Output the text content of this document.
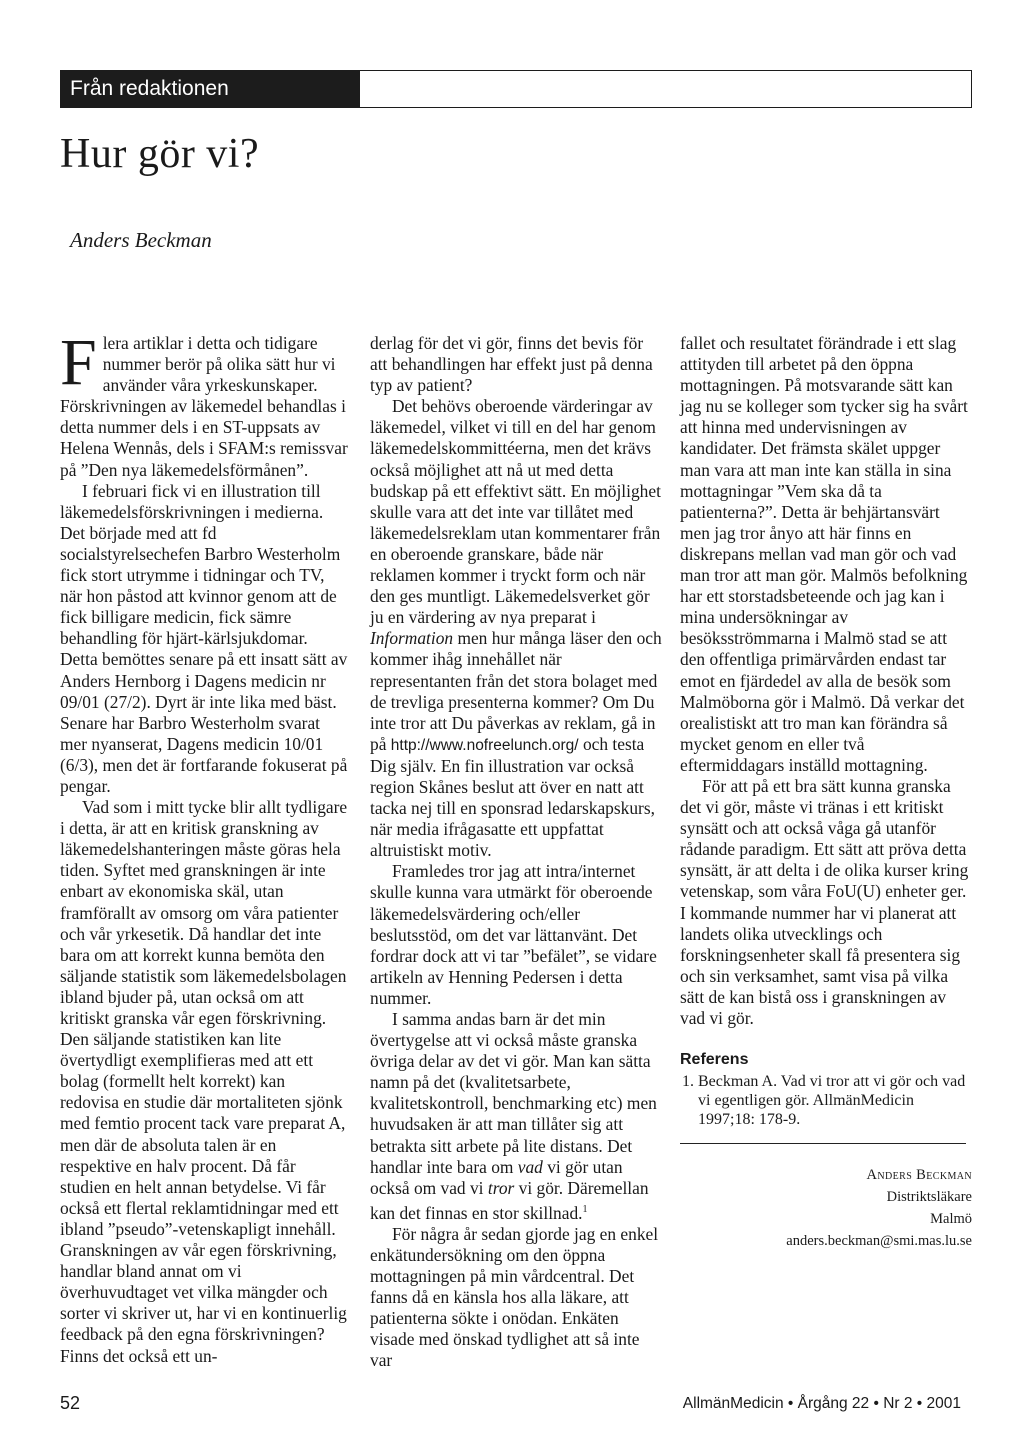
Från redaktionen
Hur gör vi?

Anders Beckman

Flera artiklar i detta och tidigare nummer berör på olika sätt hur vi använder våra yrkeskunskaper. Förskrivningen av läkemedel behandlas i detta nummer dels i en ST-uppsats av Helena Wennås, dels i SFAM:s remissvar på ”Den nya läkemedelsförmånen”.

I februari fick vi en illustration till läkemedelsförskrivningen i medierna. Det började med att fd socialstyrelsechefen Barbro Westerholm fick stort utrymme i tidningar och TV, när hon påstod att kvinnor genom att de fick billigare medicin, fick sämre behandling för hjärt-kärlsjukdomar. Detta bemöttes senare på ett insatt sätt av Anders Hernborg i Dagens medicin nr 09/01 (27/2). Dyrt är inte lika med bäst. Senare har Barbro Westerholm svarat mer nyanserat, Dagens medicin 10/01 (6/3), men det är fortfarande fokuserat på pengar.

Vad som i mitt tycke blir allt tydligare i detta, är att en kritisk granskning av läkemedelshanteringen måste göras hela tiden. Syftet med granskningen är inte enbart av ekonomiska skäl, utan framförallt av omsorg om våra patienter och vår yrkesetik. Då handlar det inte bara om att korrekt kunna bemöta den säljande statistik som läkemedelsbolagen ibland bjuder på, utan också om att kritiskt granska vår egen förskrivning. Den säljande statistiken kan lite övertydligt exemplifieras med att ett bolag (formellt helt korrekt) kan redovisa en studie där mortaliteten sjönk med femtio procent tack vare preparat A, men där de absoluta talen är en respektive en halv procent. Då får studien en helt annan betydelse. Vi får också ett flertal reklamtidningar med ett ibland ”pseudo”-vetenskapligt innehåll. Granskningen av vår egen förskrivning, handlar bland annat om vi överhuvudtaget vet vilka mängder och sorter vi skriver ut, har vi en kontinuerlig feedback på den egna förskrivningen? Finns det också ett un-

derlag för det vi gör, finns det bevis för att behandlingen har effekt just på denna typ av patient?

Det behövs oberoende värderingar av läkemedel, vilket vi till en del har genom läkemedelskommittéerna, men det krävs också möjlighet att nå ut med detta budskap på ett effektivt sätt. En möjlighet skulle vara att det inte var tillåtet med läkemedelsreklam utan kommentarer från en oberoende granskare, både när reklamen kommer i tryckt form och när den ges muntligt. Läkemedelsverket gör ju en värdering av nya preparat i Information men hur många läser den och kommer ihåg innehållet när representanten från det stora bolaget med de trevliga presenterna kommer? Om Du inte tror att Du påverkas av reklam, gå in på http://www.nofreelunch.org/ och testa Dig själv. En fin illustration var också region Skånes beslut att över en natt att tacka nej till en sponsrad ledarskapskurs, när media ifrågasatte ett uppfattat altruistiskt motiv.

Framledes tror jag att intra/internet skulle kunna vara utmärkt för oberoende läkemedelsvärdering och/eller beslutsstöd, om det var lättanvänt. Det fordrar dock att vi tar ”befälet”, se vidare artikeln av Henning Pedersen i detta nummer.

I samma andas barn är det min övertygelse att vi också måste granska övriga delar av det vi gör. Man kan sätta namn på det (kvalitetsarbete, kvalitetskontroll, benchmarking etc) men huvudsaken är att man tillåter sig att betrakta sitt arbete på lite distans. Det handlar inte bara om vad vi gör utan också om vad vi tror vi gör. Däremellan kan det finnas en stor skillnad.$^1$

För några år sedan gjorde jag en enkel enkätundersökning om den öppna mottagningen på min vårdcentral. Det fanns då en känsla hos alla läkare, att patienterna sökte i onödan. Enkäten visade med önskad tydlighet att så inte var

fallet och resultatet förändrade i ett slag attityden till arbetet på den öppna mottagningen. På motsvarande sätt kan jag nu se kolleger som tycker sig ha svårt att hinna med undervisningen av kandidater. Det främsta skälet uppger man vara att man inte kan ställa in sina mottagningar ”Vem ska då ta patienterna?”. Detta är behjärtansvärt men jag tror ånyo att här finns en diskrepans mellan vad man gör och vad man tror att man gör. Malmös befolkning har ett storstadsbeteende och jag kan i mina undersökningar av besöksströmmarna i Malmö stad se att den offentliga primärvården endast tar emot en fjärdedel av alla de besök som Malmöborna gör i Malmö. Då verkar det orealistiskt att tro man kan förändra så mycket genom en eller två eftermiddagars inställd mottagning.

För att på ett bra sätt kunna granska det vi gör, måste vi tränas i ett kritiskt synsätt och att också våga gå utanför rådande paradigm. Ett sätt att pröva detta synsätt, är att delta i de olika kurser kring vetenskap, som våra FoU(U) enheter ger. I kommande nummer har vi planerat att landets olika utvecklings och forskningsenheter skall få presentera sig och sin verksamhet, samt visa på vilka sätt de kan bistå oss i granskningen av vad vi gör.

Referens

1. Beckman A. Vad vi tror att vi gör och vad vi egentligen gör. AllmänMedicin 1997;18: 178-9.

Anders Beckman
Distriktsläkare
Malmö
anders.beckman@smi.mas.lu.se
52	AllmänMedicin • Årgång 22 • Nr 2 • 2001
